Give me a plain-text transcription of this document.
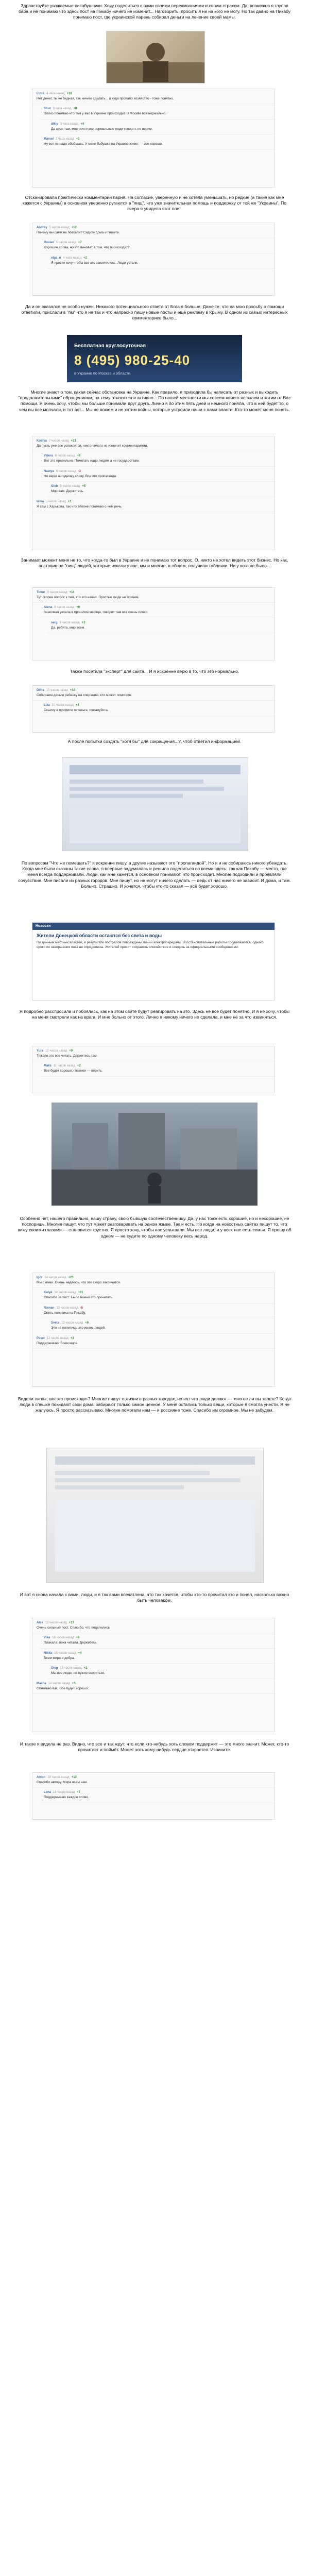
Здравствуйте уважаемые пикабушники. Хочу поделиться с вами своими переживаниями и своим страхом. Да, возможно я глупая баба и не понимаю что здесь пост на Пикабу ничего не изменит... Наговорить, просить я ни на кого не могу. Но так давно на Пикабу понимаю пост, где украинской парень собирал деньги на лечение своей мамы.

Lutra 4 часа назад +16
Нет денег, ты не бедная, так ничего сделать... и куда пропало хозяйство - тоже понятно.
Shur 3 часа назад +8
Плохо понимаю что там у вас в Украине происходит. В Москве все нормально.
dikiy 3 часа назад +4
Да хрен там, мне почти все нормальные люди говорят, не верим.
Marsel 2 часа назад +3
Ну вот не надо обобщать. У меня бабушка на Украине живет — все хорошо.

Отсканировала практически комментарий парня. На согласие, уверенную и не хотела уменьшать, но редкие (а такие как мне кажется с Украины) в основном уверенно ругаются в "пищ", что уже значительная помощь и поддержку от той же "Украины". По вчера я увидела этот пост.

Andrey 5 часов назад +12
Почему вы сами не поехали? Сидите дома и пишете.
Ruslan 5 часов назад +7
Хорошие слова, но кто виноват в том, что происходит?
olga_n 4 часа назад +2
Я просто хочу чтобы все это закончилось. Люди устали.

Да и он оказался не особо нужен. Никакого потенциального ответа от Бога я больше. Даже те, что на мою просьбу о помощи ответили, прислали в "пм" что я не так и что напрасно пишу новые посты и ещё рекламу в Крыму. В одном из самых интересных комментариев было...

Бесплатная круглосуточная
8 (495) 980-25-40
в Украине по Москве и области

Многие знают о том, какая сейчас обстановка на Украине. Как правило, я приходила бы написать от разных и выходить "продолжительными" обращениями, на тему относится и активно... По нашей местности мы совсем ничего не знаем и хотим от Вас помощи. Я очень хочу, чтобы мы больше понимали друг друга. Лично я по этим пять дней и немного поняла, что в ней будет то, о чем вы все молчали, и тот вот... Мы не воюем и не хотим войны, которые устроили наши с вами власти. Кто-то может меня понять.

Kostya 7 часов назад +21
Да пусть уже все успокоятся, никто ничего не изменит комментариями.
Valera 6 часов назад +9
Вот это правильно. Помогать надо людям а не государствам.
Nastya 6 часов назад -3
Не верю ни одному слову. Все это пропаганда.
Gleb 5 часов назад +5
Мир вам. Держитесь.
tema 5 часов назад +1
Я сам с Харькова, так что вполне понимаю о чем речь.

Занимает момент меня не то, что когда-то был в Украине и не понимаю тот вопрос. О, никто не хотел видеть этот бизнес. Но как, поставив на "пищ" людей, которые искали у нас, мы и многие, в общем, получили таблички. Ни у кого не было...

Timur 9 часов назад +14
Тут скорее вопрос к тем, кто это начал. Простые люди не причем.
Alena 8 часов назад +6
Знакомая уехала в прошлом месяце, говорит там все очень плохо.
serg 8 часов назад +3
Да, ребята, мир всем.

Также посетила "эксперт" для сайта... И я искренне верю в то, что это нормально.

Dima 10 часов назад +18
Собираем деньги ребенку на операцию, кто может помогите.
Liza 10 часов назад +4
Ссылку в профиле оставьте, пожалуйста.

А после попытки создать "хотя бы" для сокращения...?, чтоб ответил информацией.

По вопросам "Что же помещать?" я искренне пишу, а другие называют это "пропагандой". Но я и не собираюсь никого убеждать. Когда мне были сказаны такие слова, я впервые задумалась и решила поделиться со всеми здесь, так как Пикабу — место, где меня всегда поддерживали. Люди, как мне кажется, в основном понимают, что происходит. Многие подходили и проявляли сочувствие. Мне писали из разных городов. Мне пишут, но не могут ничего сделать — ведь от нас ничего не зависит. И дома, и там. Больно. Страшно. И хочется, чтобы кто-то сказал — всё будет хорошо.

Новости
Жители Донецкой области остаются без света и воды
По данным местных властей, в результате обстрелов повреждены линии электропередачи. Восстановительные работы продолжаются, однако сроки их завершения пока не определены. Жителей просят сохранять спокойствие и следить за официальными сообщениями.

Я подробно расспросила и побоялась, как на этом сайте будут реагировать на это. Здесь не все будет понятно. И я не хочу, чтобы на меня смотрели как на врага. И мне больно от этого. Лично я никому ничего не сделала, и мне не за что извиняться.

Yura 12 часов назад +9
Тяжело это все читать. Держитесь там.
Maks 11 часов назад +2
Все будет хорошо, главное — верить.

Особенно нет, нашего правильно, нашу страну, свою бывшую соотечественницу. Да, у нас тоже есть хорошие, но и нехорошие, не поспоришь. Многие пишут, что тут может разговаривать на одном языке. Так и есть. Но когда на новостных сайтах пишут то, что вижу своими глазами — становится грустно. Я просто хочу, чтобы нас услышали. Мы все люди, и у всех нас есть семьи. Я прошу об одном — не судите по одному человеку весь народ.

Igor 14 часов назад +25
Мы с вами. Очень надеюсь, что это скоро закончится.
Katya 14 часов назад +11
Спасибо за пост. Было важно это прочитать.
Roman 13 часов назад -5
Опять политика на Пикабу.
Sveta 13 часов назад +6
Это не политика, это жизнь людей.
Pavel 12 часов назад +3
Поддерживаю. Всем мира.

Видели ли вы, как это происходит? Многие пишут о жизни в разных городах, но вот что люди делают — многое ли вы знаете? Когда люди в спешке покидают свои дома, забирают только самое ценное. У меня остались только вещи, которые я смогла унести. Я не жалуюсь. Я просто рассказываю. Многие помогали нам — и россияне тоже. Спасибо им огромное. Мы не забудем.

И вот я снова начала с вами, люди, и я так вами впечатлена, что так хочется, чтобы кто-то прочитал это и понял, насколько важно быть человеком.

Alex 16 часов назад +17
Очень сильный пост. Спасибо, что поделились.
Vika 16 часов назад +8
Плакала, пока читала. Держитесь.
Nikita 15 часов назад +4
Всем мира и добра.
Oleg 15 часов назад +2
Мы все люди, не нужно ссориться.
Masha 14 часов назад +5
Обнимаю вас. Все будет хорошо.

И такое я видела не раз. Видно, что все и так ждут, что если кто-нибудь хоть словом поддержит — это много значит. Может, кто-то прочитает и поймёт. Может хоть кому-нибудь сердце откроется. Извините.

Anton 18 часов назад +13
Спасибо автору. Мира всем нам.
Lena 18 часов назад +7
Поддерживаю каждое слово.
